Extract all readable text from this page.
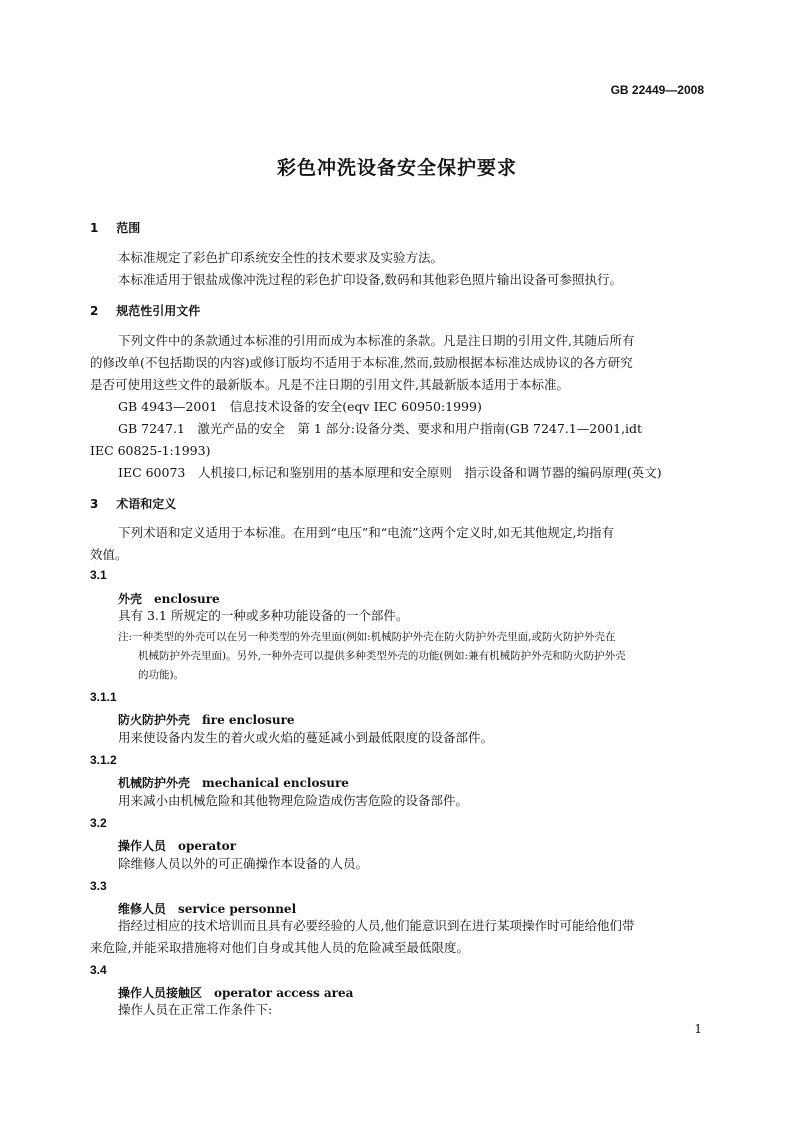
GB 22449—2008
彩色冲洗设备安全保护要求
1 范围
本标准规定了彩色扩印系统安全性的技术要求及实验方法。
本标准适用于银盐成像冲洗过程的彩色扩印设备,数码和其他彩色照片输出设备可参照执行。
2 规范性引用文件
下列文件中的条款通过本标准的引用而成为本标准的条款。凡是注日期的引用文件,其随后所有
的修改单(不包括勘误的内容)或修订版均不适用于本标准,然而,鼓励根据本标准达成协议的各方研究
是否可使用这些文件的最新版本。凡是不注日期的引用文件,其最新版本适用于本标准。
GB 4943—2001　信息技术设备的安全(eqv IEC 60950:1999)
GB 7247.1　激光产品的安全　第 1 部分:设备分类、要求和用户指南(GB 7247.1—2001,idt
IEC 60825-1:1993)
IEC 60073　人机接口,标记和鉴别用的基本原理和安全原则　指示设备和调节器的编码原理(英文)
3 术语和定义
下列术语和定义适用于本标准。在用到“电压”和“电流”这两个定义时,如无其他规定,均指有
效值。
3.1
外壳 enclosure
具有 3.1 所规定的一种或多种功能设备的一个部件。
注:一种类型的外壳可以在另一种类型的外壳里面(例如:机械防护外壳在防火防护外壳里面,或防火防护外壳在
机械防护外壳里面)。另外,一种外壳可以提供多种类型外壳的功能(例如:兼有机械防护外壳和防火防护外壳
的功能)。
3.1.1
防火防护外壳 fire enclosure
用来使设备内发生的着火或火焰的蔓延减小到最低限度的设备部件。
3.1.2
机械防护外壳 mechanical enclosure
用来减小由机械危险和其他物理危险造成伤害危险的设备部件。
3.2
操作人员 operator
除维修人员以外的可正确操作本设备的人员。
3.3
维修人员 service personnel
指经过相应的技术培训而且具有必要经验的人员,他们能意识到在进行某项操作时可能给他们带
来危险,并能采取措施将对他们自身或其他人员的危险减至最低限度。
3.4
操作人员接触区 operator access area
操作人员在正常工作条件下:
1
